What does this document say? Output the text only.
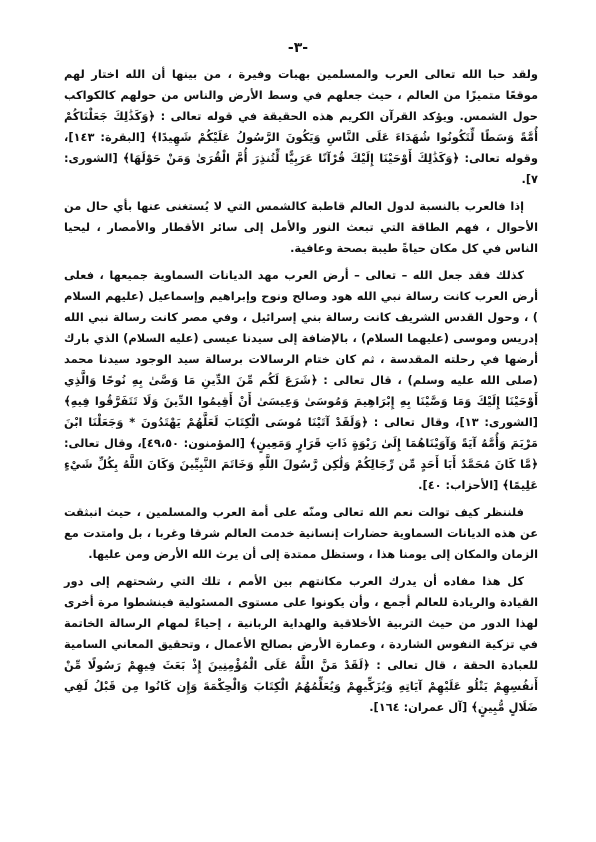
-٣-

ولقد حبا الله تعالى العرب والمسلمين بهبات وفيرة ، من بينها أن الله اختار لهم موقعًا متميزًا من العالم ، حيث جعلهم في وسط الأرض والناس من حولهم كالكواكب حول الشمس. ويؤكد القرآن الكريم هذه الحقيقة في قوله تعالى : ﴿وَكَذَٰلِكَ جَعَلْنَاكُمْ أُمَّةً وَسَطًا لِّتَكُونُوا شُهَدَاءَ عَلَى النَّاسِ وَيَكُونَ الرَّسُولُ عَلَيْكُمْ شَهِيدًا﴾ [البقرة: ١٤٣]، وقوله تعالى: ﴿وَكَذَٰلِكَ أَوْحَيْنَا إِلَيْكَ قُرْآنًا عَرَبِيًّا لِّتُنذِرَ أُمَّ الْقُرَىٰ وَمَنْ حَوْلَهَا﴾ [الشورى: ٧].

إذا فالعرب بالنسبة لدول العالم قاطبة كالشمس التي لا يُستغنى عنها بأي حال من الأحوال ، فهم الطاقة التي تبعث النور والأمل إلى سائر الأقطار والأمصار ، ليحيا الناس في كل مكان حياةً طيبة بصحة وعافية.

كذلك فقد جعل الله – تعالى – أرض العرب مهد الديانات السماوية جميعها ، فعلى أرض العرب كانت رسالة نبي الله هود وصالح ونوح وإبراهيم وإسماعيل (عليهم السلام ) ، وحول القدس الشريف كانت رسالة بني إسرائيل ، وفي مصر كانت رسالة نبي الله إدريس وموسى (عليهما السلام) ، بالإضافة إلى سيدنا عيسى (عليه السلام) الذي بارك أرضها في رحلته المقدسة ، ثم كان ختام الرسالات برسالة سيد الوجود سيدنا محمد (صلى الله عليه وسلم) ، قال تعالى : ﴿شَرَعَ لَكُم مِّنَ الدِّينِ مَا وَصَّىٰ بِهِ نُوحًا وَالَّذِي أَوْحَيْنَا إِلَيْكَ وَمَا وَصَّيْنَا بِهِ إِبْرَاهِيمَ وَمُوسَىٰ وَعِيسَىٰ أَنْ أَقِيمُوا الدِّينَ وَلَا تَتَفَرَّقُوا فِيهِ﴾ [الشورى: ١٣]، وقال تعالى : ﴿وَلَقَدْ آتَيْنَا مُوسَى الْكِتَابَ لَعَلَّهُمْ يَهْتَدُونَ * وَجَعَلْنَا ابْنَ مَرْيَمَ وَأُمَّهُ آيَةً وَآوَيْنَاهُمَا إِلَىٰ رَبْوَةٍ ذَاتِ قَرَارٍ وَمَعِينٍ﴾ [المؤمنون: ٤٩،٥٠]، وقال تعالى: ﴿مَّا كَانَ مُحَمَّدٌ أَبَا أَحَدٍ مِّن رِّجَالِكُمْ وَلَٰكِن رَّسُولَ اللَّهِ وَخَاتَمَ النَّبِيِّينَ وَكَانَ اللَّهُ بِكُلِّ شَيْءٍ عَلِيمًا﴾ [الأحزاب: ٤٠].

فلننظر كيف توالت نعم الله تعالى ومنّه على أمة العرب والمسلمين ، حيث انبثقت عن هذه الديانات السماوية حضارات إنسانية خدمت العالم شرقا وغربا ، بل وامتدت مع الزمان والمكان إلى يومنا هذا ، وستظل ممتدة إلى أن يرث الله الأرض ومن عليها.

كل هذا مفاده أن يدرك العرب مكانتهم بين الأمم ، تلك التي رشحتهم إلى دور القيادة والريادة للعالم أجمع ، وأن يكونوا على مستوى المسئولية فينشطوا مرة أخرى لهذا الدور من حيث التربية الأخلاقية والهداية الربانية ، إحياءً لمهام الرسالة الخاتمة في تزكية النفوس الشاردة ، وعمارة الأرض بصالح الأعمال ، وتحقيق المعاني السامية للعبادة الحقة ، قال تعالى : ﴿لَقَدْ مَنَّ اللَّهُ عَلَى الْمُؤْمِنِينَ إِذْ بَعَثَ فِيهِمْ رَسُولًا مِّنْ أَنفُسِهِمْ يَتْلُو عَلَيْهِمْ آيَاتِهِ وَيُزَكِّيهِمْ وَيُعَلِّمُهُمُ الْكِتَابَ وَالْحِكْمَةَ وَإِن كَانُوا مِن قَبْلُ لَفِي ضَلَالٍ مُّبِينٍ﴾ [آل عمران: ١٦٤].
